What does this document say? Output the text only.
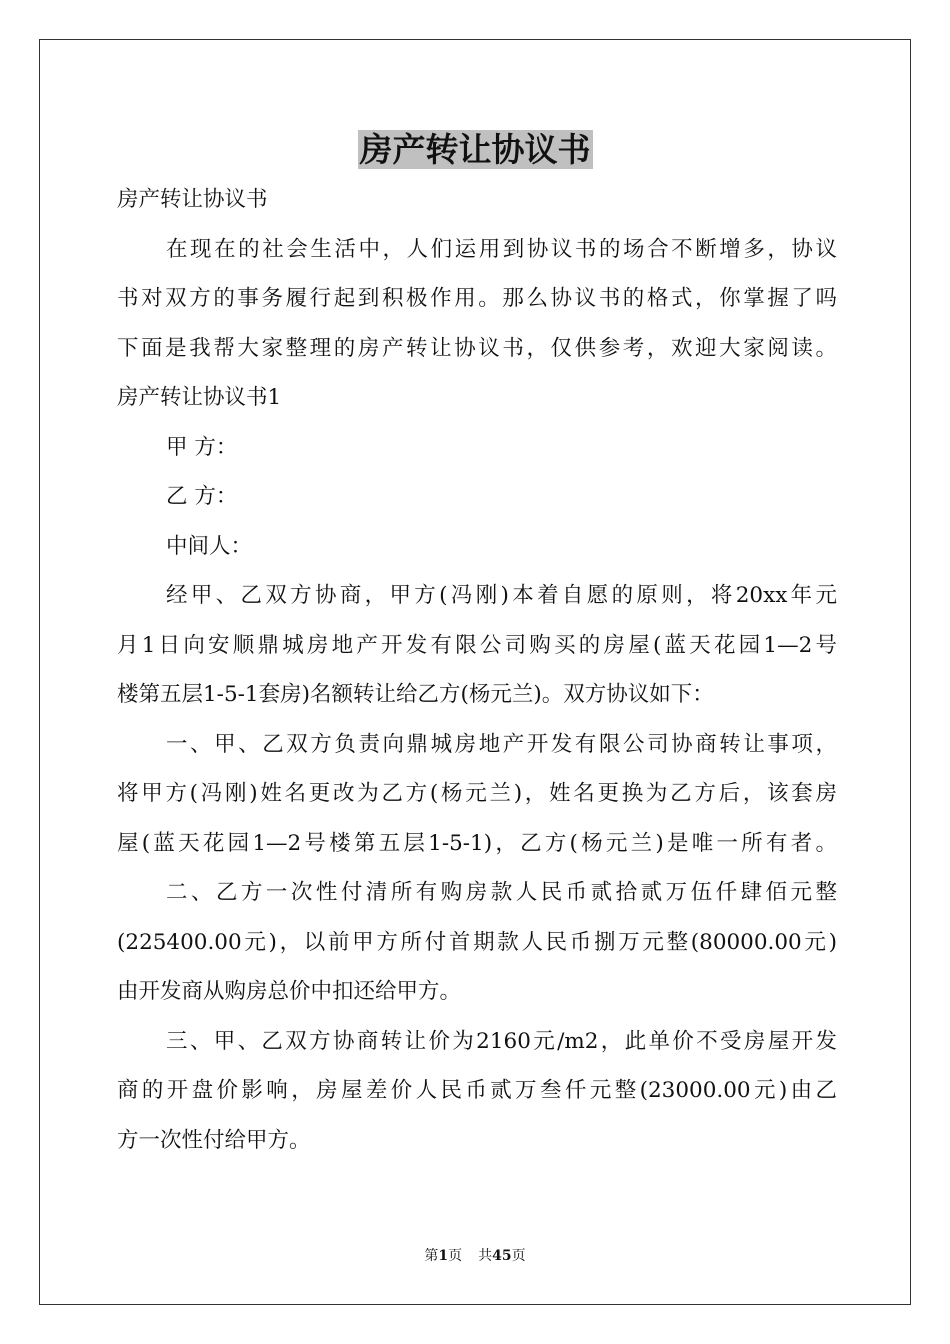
房产转让协议书

房产转让协议书

在现在的社会生活中，人们运用到协议书的场合不断增多，协议

书对双方的事务履行起到积极作用。那么协议书的格式，你掌握了吗

下面是我帮大家整理的房产转让协议书，仅供参考，欢迎大家阅读。

房产转让协议书1

甲 方：

乙 方：

中间人：

经甲、乙双方协商，甲方(冯刚)本着自愿的原则，将20xx年元

月1日向安顺鼎城房地产开发有限公司购买的房屋(蓝天花园1—2号

楼第五层1-5-1套房)名额转让给乙方(杨元兰)。双方协议如下：

一、甲、乙双方负责向鼎城房地产开发有限公司协商转让事项，

将甲方(冯刚)姓名更改为乙方(杨元兰)，姓名更换为乙方后，该套房

屋(蓝天花园1—2号楼第五层1-5-1)，乙方(杨元兰)是唯一所有者。

二、乙方一次性付清所有购房款人民币贰拾贰万伍仟肆佰元整

(225400.00元)，以前甲方所付首期款人民币捌万元整(80000.00元)

由开发商从购房总价中扣还给甲方。

三、甲、乙双方协商转让价为2160元/m2，此单价不受房屋开发

商的开盘价影响，房屋差价人民币贰万叁仟元整(23000.00元)由乙

方一次性付给甲方。

第1页 共45页
